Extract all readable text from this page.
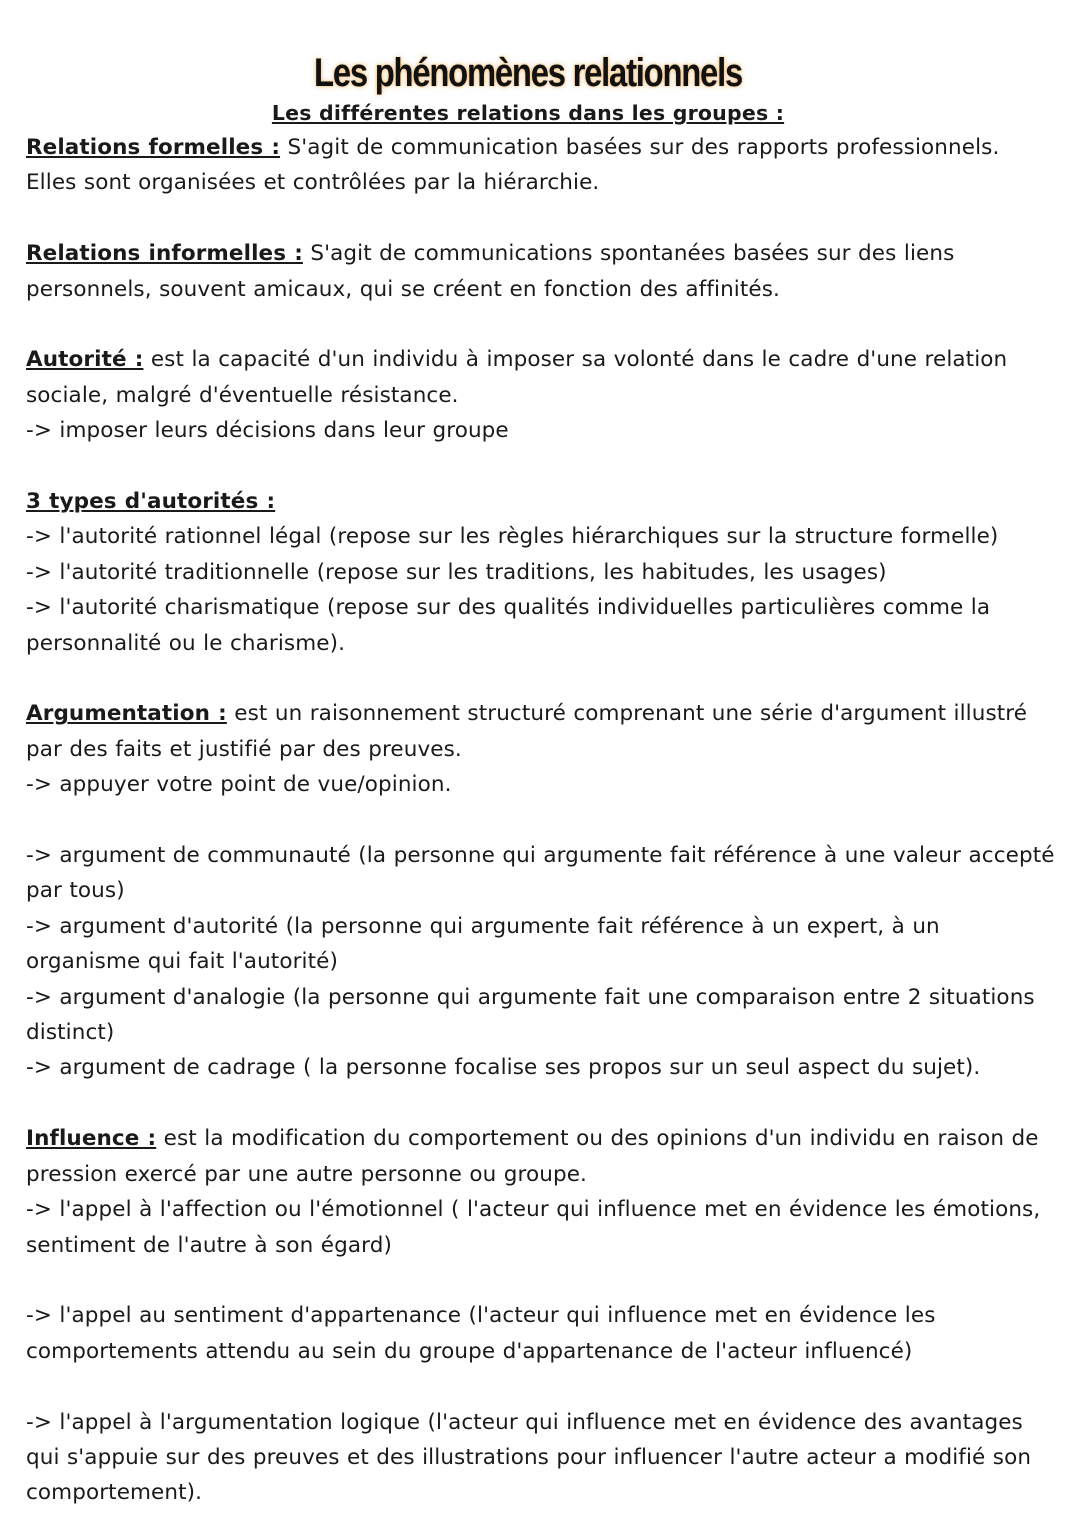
Les phénomènes relationnels
Les différentes relations dans les groupes :

Relations formelles : S'agit de communication basées sur des rapports professionnels. Elles sont organisées et contrôlées par la hiérarchie.

Relations informelles : S'agit de communications spontanées basées sur des liens personnels, souvent amicaux, qui se créent en fonction des affinités.

Autorité : est la capacité d'un individu à imposer sa volonté dans le cadre d'une relation sociale, malgré d'éventuelle résistance.

-> imposer leurs décisions dans leur groupe

3 types d'autorités :

-> l'autorité rationnel légal (repose sur les règles hiérarchiques sur la structure formelle)

-> l'autorité traditionnelle (repose sur les traditions, les habitudes, les usages)

-> l'autorité charismatique (repose sur des qualités individuelles particulières comme la personnalité ou le charisme).

Argumentation : est un raisonnement structuré comprenant une série d'argument illustré par des faits et justifié par des preuves.

-> appuyer votre point de vue/opinion.

-> argument de communauté (la personne qui argumente fait référence à une valeur accepté par tous)

-> argument d'autorité (la personne qui argumente fait référence à un expert, à un organisme qui fait l'autorité)

-> argument d'analogie (la personne qui argumente fait une comparaison entre 2 situations distinct)

-> argument de cadrage ( la personne focalise ses propos sur un seul aspect du sujet).

Influence : est la modification du comportement ou des opinions d'un individu en raison de pression exercé par une autre personne ou groupe.

-> l'appel à l'affection ou l'émotionnel ( l'acteur qui influence met en évidence les émotions, sentiment de l'autre à son égard)

-> l'appel au sentiment d'appartenance (l'acteur qui influence met en évidence les comportements attendu au sein du groupe d'appartenance de l'acteur influencé)

-> l'appel à l'argumentation logique (l'acteur qui influence met en évidence des avantages qui s'appuie sur des preuves et des illustrations pour influencer l'autre acteur a modifié son comportement).
